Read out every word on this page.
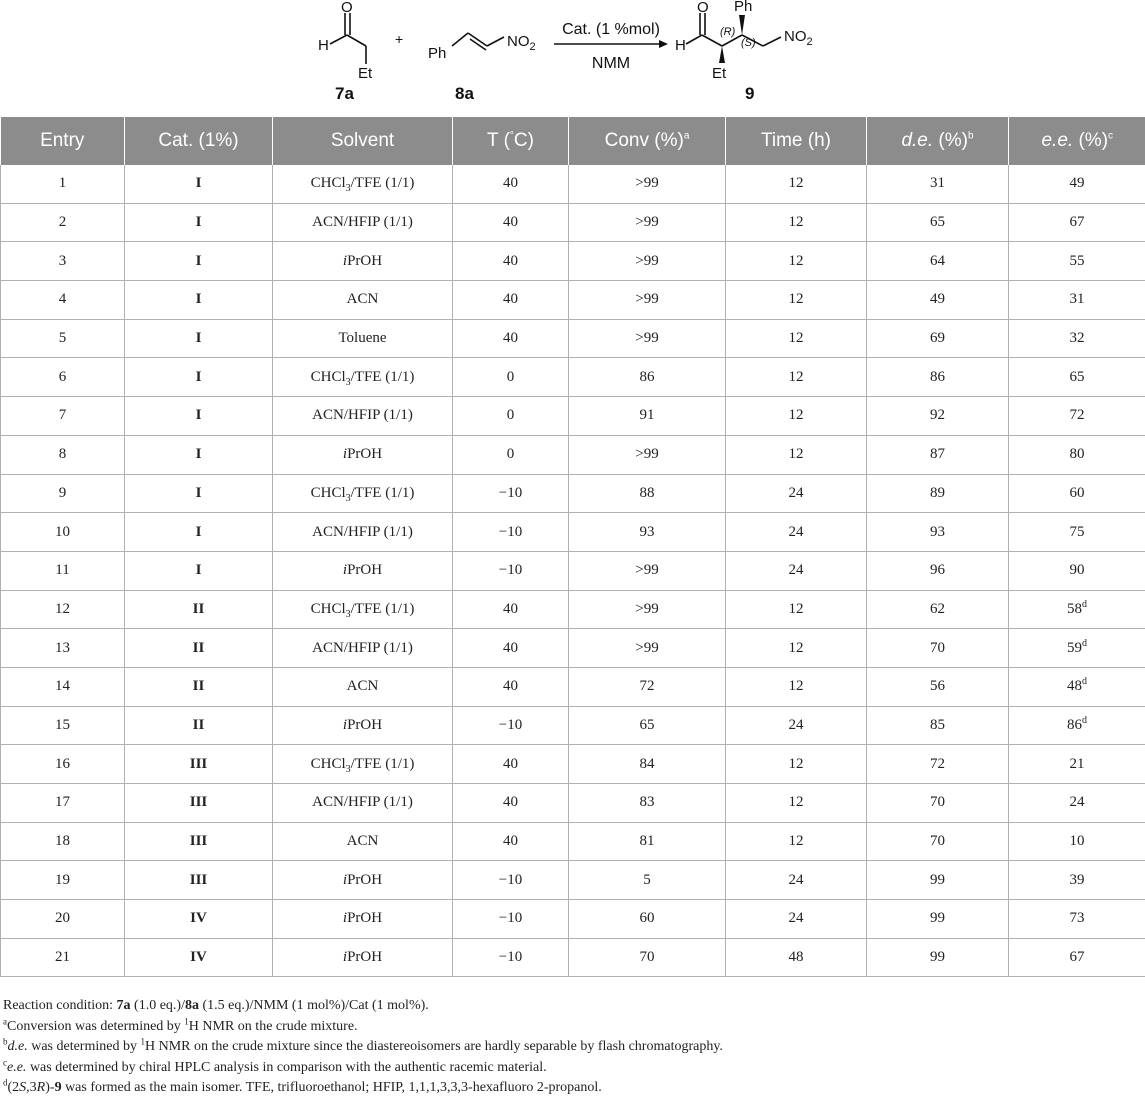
O
H
Et
7a
+
Ph
$NO_2$
8a
Cat. (1 %mol)
NMM
O
H
Ph
(R)
(S) $NO_2$
Et
9
Entry	Cat. (1%)	Solvent	T (°C)	Conv (%)$^a$	Time (h)	d.e. (%)$^b$	e.e. (%)$^c$
1	I	CHCl$_3$/TFE (1/1)	40	>99	12	31	49
2	I	ACN/HFIP (1/1)	40	>99	12	65	67
3	I	iPrOH	40	>99	12	64	55
4	I	ACN	40	>99	12	49	31
5	I	Toluene	40	>99	12	69	32
6	I	CHCl$_3$/TFE (1/1)	0	86	12	86	65
7	I	ACN/HFIP (1/1)	0	91	12	92	72
8	I	iPrOH	0	>99	12	87	80
9	I	CHCl$_3$/TFE (1/1)	−10	88	24	89	60
10	I	ACN/HFIP (1/1)	−10	93	24	93	75
11	I	iPrOH	−10	>99	24	96	90
12	II	CHCl$_3$/TFE (1/1)	40	>99	12	62	58$^d$
13	II	ACN/HFIP (1/1)	40	>99	12	70	59$^d$
14	II	ACN	40	72	12	56	48$^d$
15	II	iPrOH	−10	65	24	85	86$^d$
16	III	CHCl$_3$/TFE (1/1)	40	84	12	72	21
17	III	ACN/HFIP (1/1)	40	83	12	70	24
18	III	ACN	40	81	12	70	10
19	III	iPrOH	−10	5	24	99	39
20	IV	iPrOH	−10	60	24	99	73
21	IV	iPrOH	−10	70	48	99	67

Reaction condition: 7a (1.0 eq.)/8a (1.5 eq.)/NMM (1 mol%)/Cat (1 mol%).

$^a$Conversion was determined by $^1$H NMR on the crude mixture.

$^b$d.e. was determined by $^1$H NMR on the crude mixture since the diastereoisomers are hardly separable by flash chromatography.

$^c$e.e. was determined by chiral HPLC analysis in comparison with the authentic racemic material.

$^d$(2S,3R)-9 was formed as the main isomer. TFE, trifluoroethanol; HFIP, 1,1,1,3,3,3-hexafluoro 2-propanol.
